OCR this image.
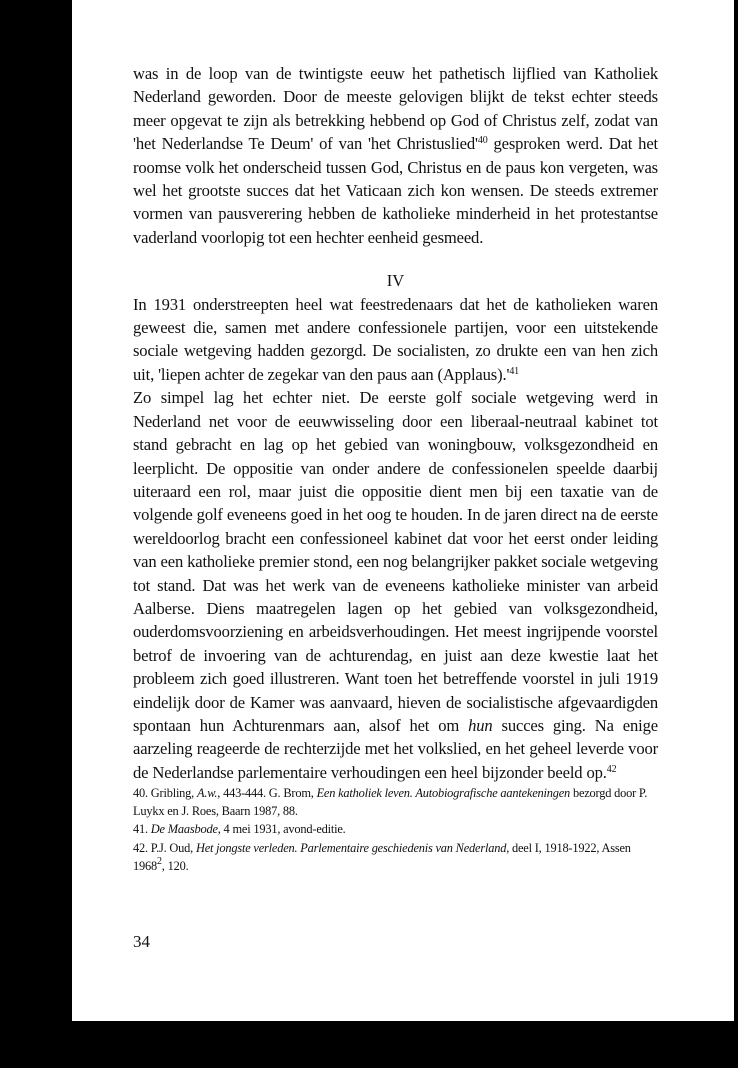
was in de loop van de twintigste eeuw het pathetisch lijflied van Katholiek Nederland geworden. Door de meeste gelovigen blijkt de tekst echter steeds meer opgevat te zijn als betrekking hebbend op God of Christus zelf, zodat van 'het Nederlandse Te Deum' of van 'het $Christuslied'^{40}$ gesproken werd. Dat het roomse volk het onderscheid tussen God, Christus en de paus kon vergeten, was wel het grootste succes dat het Vaticaan zich kon wensen. De steeds extremer vormen van pausverering hebben de katholieke minderheid in het protestantse vaderland voorlopig tot een hechter eenheid gesmeed.

IV

In 1931 onderstreepten heel wat feestredenaars dat het de katholieken waren geweest die, samen met andere confessionele partijen, voor een uitstekende sociale wetgeving hadden gezorgd. De socialisten, zo drukte een van hen zich uit, 'liepen achter de zegekar van den paus aan $(Applaus).'^{41}$

Zo simpel lag het echter niet. De eerste golf sociale wetgeving werd in Nederland net voor de eeuwwisseling door een liberaal-neutraal kabinet tot stand gebracht en lag op het gebied van woningbouw, volksgezondheid en leerplicht. De oppositie van onder andere de confessionelen speelde daarbij uiteraard een rol, maar juist die oppositie dient men bij een taxatie van de volgende golf eveneens goed in het oog te houden. In de jaren direct na de eerste wereldoorlog bracht een confessioneel kabinet dat voor het eerst onder leiding van een katholieke premier stond, een nog belangrijker pakket sociale wetgeving tot stand. Dat was het werk van de eveneens katholieke minister van arbeid Aalberse. Diens maatregelen lagen op het gebied van volksgezondheid, ouderdomsvoorziening en arbeidsverhoudingen. Het meest ingrijpende voorstel betrof de invoering van de achturendag, en juist aan deze kwestie laat het probleem zich goed illustreren. Want toen het betreffende voorstel in juli 1919 eindelijk door de Kamer was aanvaard, hieven de socialistische afgevaardigden spontaan hun Achturenmars aan, alsof het om hun succes ging. Na enige aarzeling reageerde de rechterzijde met het volkslied, en het geheel leverde voor de Nederlandse parlementaire verhoudingen een heel bijzonder beeld op.$^{42}$

40. Gribling, A.w., 443-444. G. Brom, Een katholiek leven. Autobiografische aantekeningen bezorgd door P. Luykx en J. Roes, Baarn 1987, 88.

41. De Maasbode, 4 mei 1931, avond-editie.

42. P.J. Oud, Het jongste verleden. Parlementaire geschiedenis van Nederland, deel I, 1918-1922, Assen 1968$^2$, 120.

34
